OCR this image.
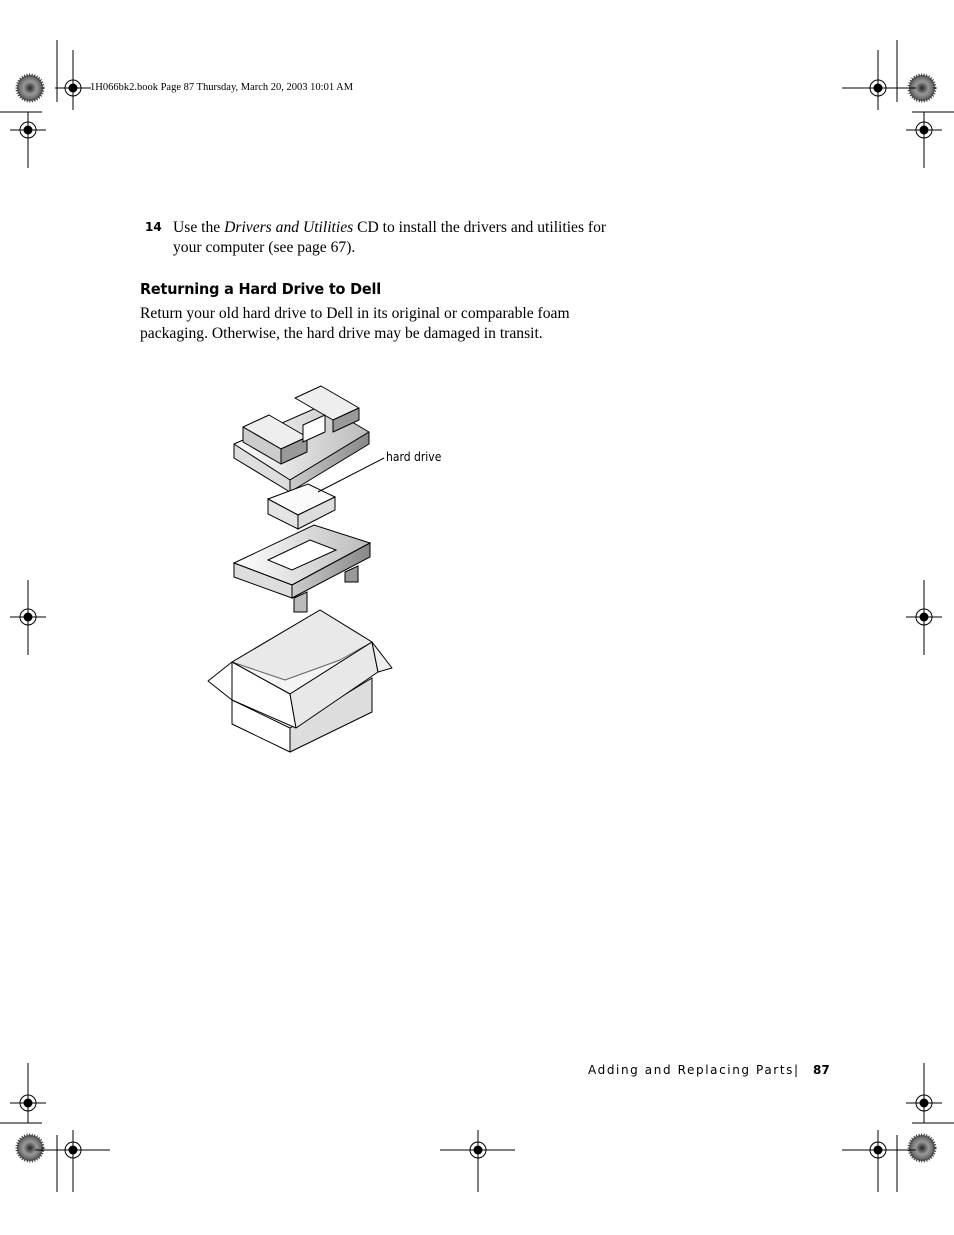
1H066bk2.book Page 87 Thursday, March 20, 2003 10:01 AM
14 Use the Drivers and Utilities CD to install the drivers and utilities for
your computer (see page 67).
Returning a Hard Drive to Dell
Return your old hard drive to Dell in its original or comparable foam
packaging. Otherwise, the hard drive may be damaged in transit.
hard drive
Adding and Replacing Parts | 87
